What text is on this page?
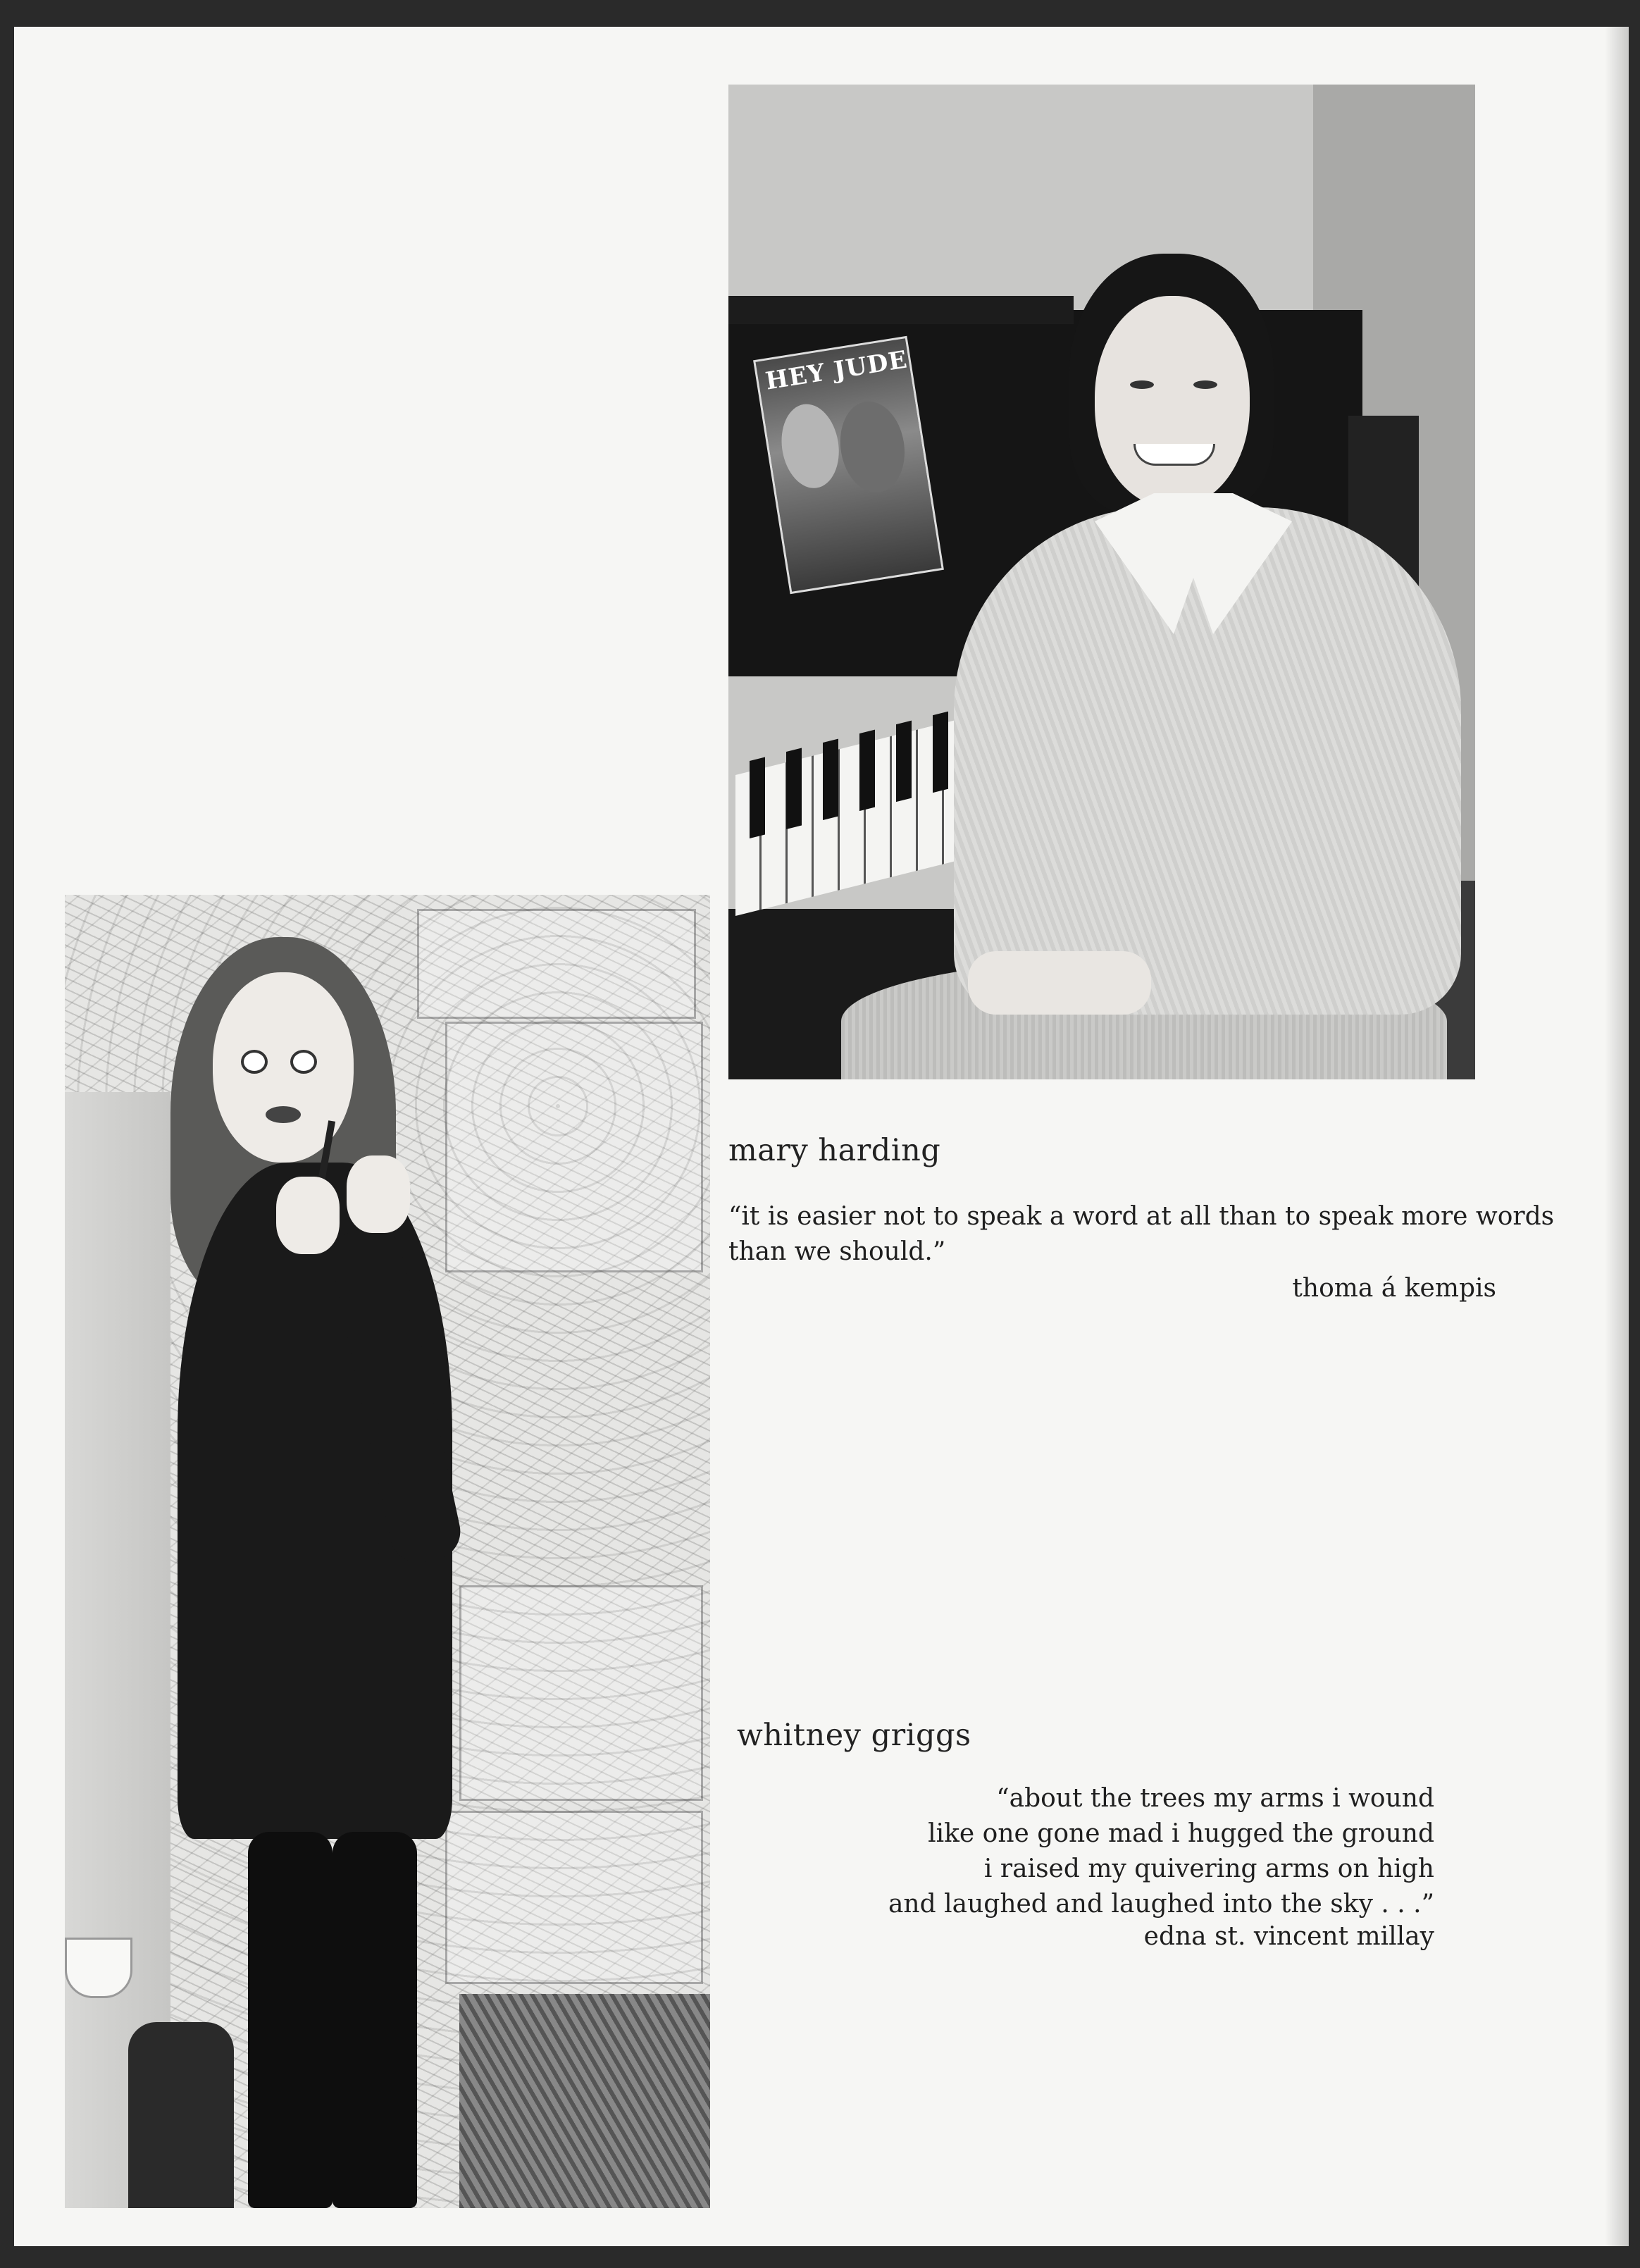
HEY JUDE
mary harding
“it is easier not to speak a word at all than to speak more words
than we should.”
thoma á kempis
whitney griggs
“about the trees my arms i wound
like one gone mad i hugged the ground
i raised my quivering arms on high
and laughed and laughed into the sky . . .”
edna st. vincent millay
